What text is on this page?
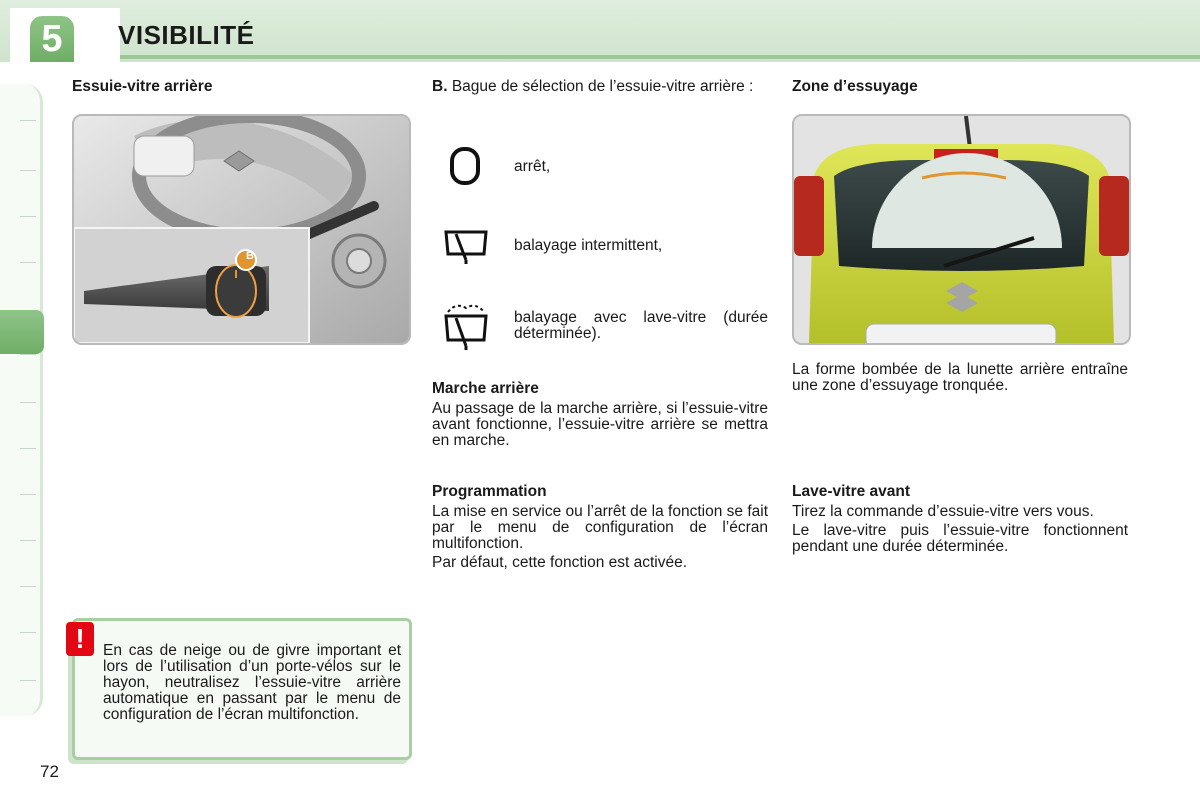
5	VISIBILITÉ
Essuie-vitre arrière
B

En cas de neige ou de givre important et lors de l’utilisation d’un porte-vélos sur le hayon, neutralisez l’essuie-vitre arrière automatique en passant par le menu de configuration de l’écran multifonction.

!

B. Bague de sélection de l’essuie-vitre arrière :

arrêt,
balayage intermittent,

balayage avec lave-vitre (durée déterminée).

Marche arrière

Au passage de la marche arrière, si l’essuie-vitre avant fonctionne, l’essuie-vitre arrière se mettra en marche.

Programmation

La mise en service ou l’arrêt de la fonction se fait par le menu de configuration de l’écran multifonction.

Par défaut, cette fonction est activée.

Zone d’essuyage

La forme bombée de la lunette arrière entraîne une zone d’essuyage tronquée.

Lave-vitre avant

Tirez la commande d’essuie-vitre vers vous.

Le lave-vitre puis l’essuie-vitre fonctionnent pendant une durée déterminée.

72
